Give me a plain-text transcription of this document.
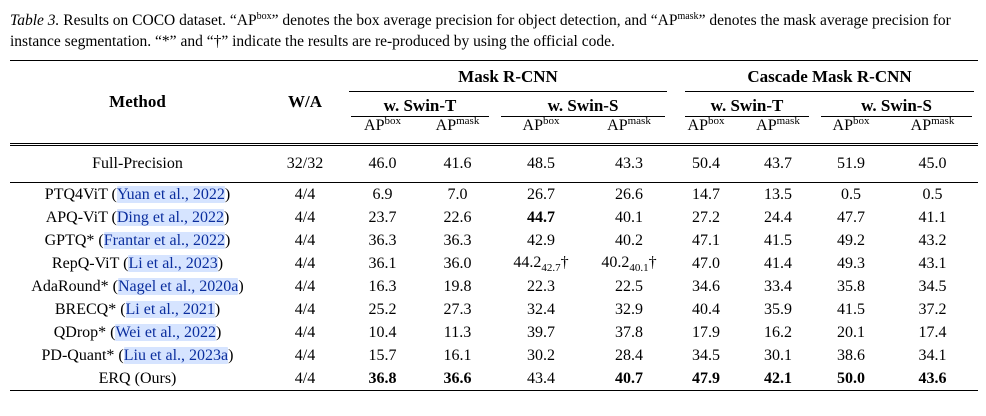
Table 3. Results on COCO dataset. “$AP^{box}$” denotes the box average precision for object detection, and “$AP^{mask}$” denotes the mask average precision for instance segmentation. “*” and “†” indicate the results are re-produced by using the official code.
Method	W/A	Mask R-CNN				Cascade Mask R-CNN			

		w. Swin-T		w. Swin-S		w. Swin-T		w. Swin-S	

		$AP^{box}$	$AP^{mask}$	$AP^{box}$	$AP^{mask}$	$AP^{box}$	$AP^{mask}$	$AP^{box}$	$AP^{mask}$
Full-Precision	32/32	46.0	41.6	48.5	43.3	50.4	43.7	51.9	45.0
PTQ4ViT (Yuan et al., 2022)	4/4	6.9	7.0	26.7	26.6	14.7	13.5	0.5	0.5
APQ-ViT (Ding et al., 2022)	4/4	23.7	22.6	44.7	40.1	27.2	24.4	47.7	41.1
GPTQ* (Frantar et al., 2022)	4/4	36.3	36.3	42.9	40.2	47.1	41.5	49.2	43.2
RepQ-ViT (Li et al., 2023)	4/4	36.1	36.0	$44.2_{42.7}\dagger$	$40.2_{40.1}\dagger$	47.0	41.4	49.3	43.1
AdaRound* (Nagel et al., 2020a)	4/4	16.3	19.8	22.3	22.5	34.6	33.4	35.8	34.5
BRECQ* (Li et al., 2021)	4/4	25.2	27.3	32.4	32.9	40.4	35.9	41.5	37.2
QDrop* (Wei et al., 2022)	4/4	10.4	11.3	39.7	37.8	17.9	16.2	20.1	17.4
PD-Quant* (Liu et al., 2023a)	4/4	15.7	16.1	30.2	28.4	34.5	30.1	38.6	34.1
ERQ (Ours)	4/4	36.8	36.6	43.4	40.7	47.9	42.1	50.0	43.6
